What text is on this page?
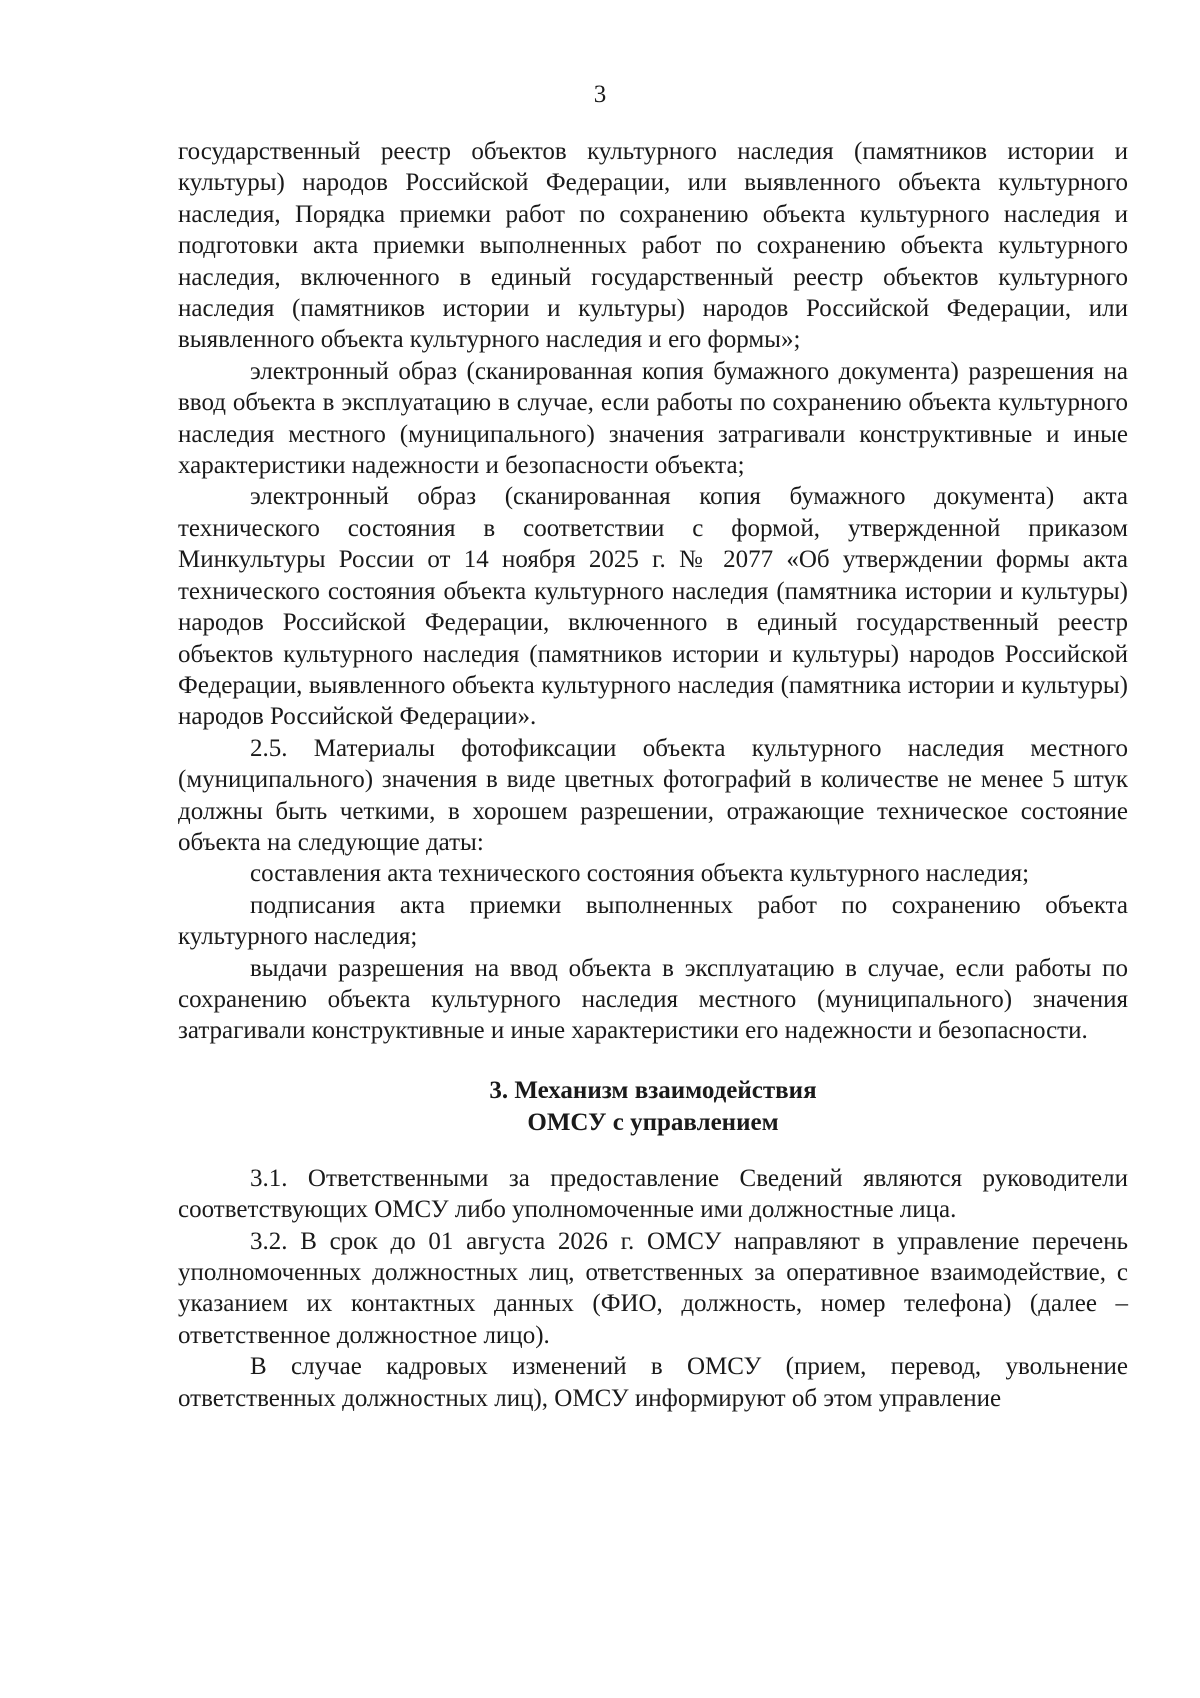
3

государственный реестр объектов культурного наследия (памятников истории и культуры) народов Российской Федерации, или выявленного объекта культурного наследия, Порядка приемки работ по сохранению объекта культурного наследия и подготовки акта приемки выполненных работ по сохранению объекта культурного наследия, включенного в единый государственный реестр объектов культурного наследия (памятников истории и культуры) народов Российской Федерации, или выявленного объекта культурного наследия и его формы»;

электронный образ (сканированная копия бумажного документа) разрешения на ввод объекта в эксплуатацию в случае, если работы по сохранению объекта культурного наследия местного (муниципального) значения затрагивали конструктивные и иные характеристики надежности и безопасности объекта;

электронный образ (сканированная копия бумажного документа) акта технического состояния в соответствии с формой, утвержденной приказом Минкультуры России от 14 ноября 2025 г. № 2077 «Об утверждении формы акта технического состояния объекта культурного наследия (памятника истории и культуры) народов Российской Федерации, включенного в единый государственный реестр объектов культурного наследия (памятников истории и культуры) народов Российской Федерации, выявленного объекта культурного наследия (памятника истории и культуры) народов Российской Федерации».

2.5. Материалы фотофиксации объекта культурного наследия местного (муниципального) значения в виде цветных фотографий в количестве не менее 5 штук должны быть четкими, в хорошем разрешении, отражающие техническое состояние объекта на следующие даты:

составления акта технического состояния объекта культурного наследия;

подписания акта приемки выполненных работ по сохранению объекта культурного наследия;

выдачи разрешения на ввод объекта в эксплуатацию в случае, если работы по сохранению объекта культурного наследия местного (муниципального) значения затрагивали конструктивные и иные характеристики его надежности и безопасности.

3. Механизм взаимодействия
ОМСУ с управлением

3.1. Ответственными за предоставление Сведений являются руководители соответствующих ОМСУ либо уполномоченные ими должностные лица.

3.2. В срок до 01 августа 2026 г. ОМСУ направляют в управление перечень уполномоченных должностных лиц, ответственных за оперативное взаимодействие, с указанием их контактных данных (ФИО, должность, номер телефона) (далее – ответственное должностное лицо).

В случае кадровых изменений в ОМСУ (прием, перевод, увольнение ответственных должностных лиц), ОМСУ информируют об этом управление
